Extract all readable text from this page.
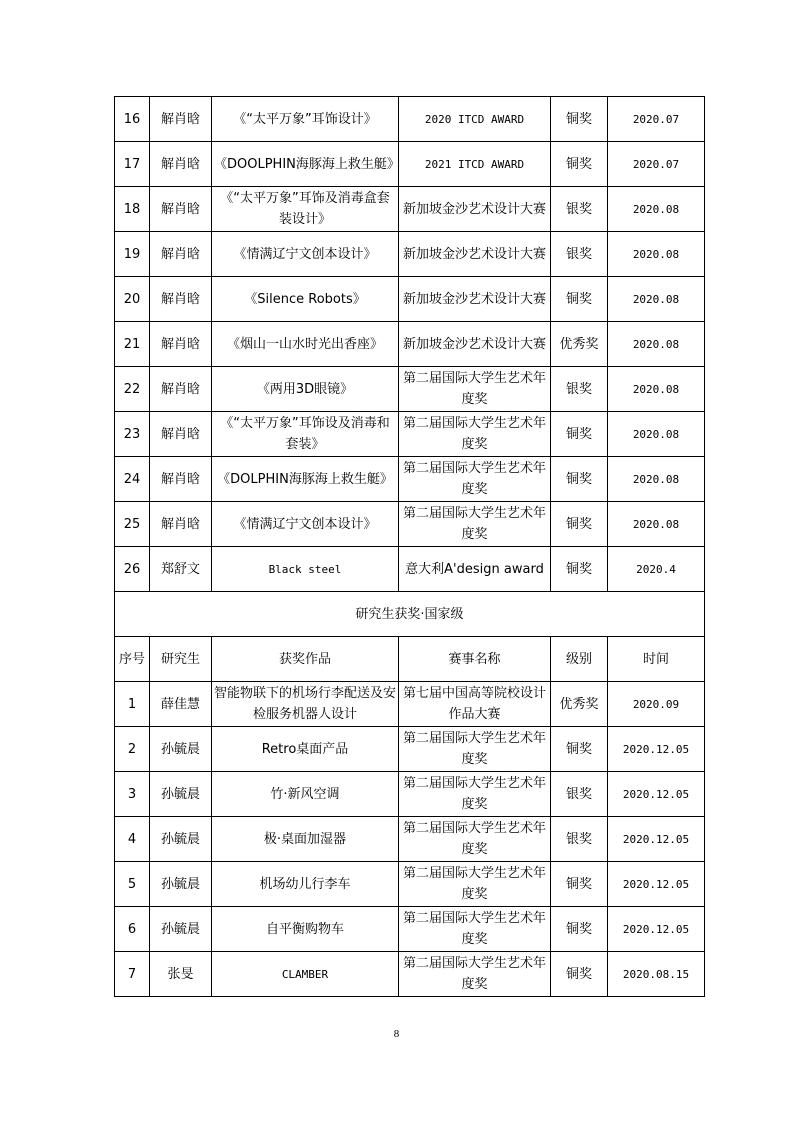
16	解肖晗	《“太平万象”耳饰设计》	2020 ITCD AWARD	铜奖	2020.07
17	解肖晗	《DOOLPHIN海豚海上救生艇》	2021 ITCD AWARD	铜奖	2020.07
18	解肖晗	《“太平万象”耳饰及消毒盒套装设计》	新加坡金沙艺术设计大赛	银奖	2020.08
19	解肖晗	《情满辽宁文创本设计》	新加坡金沙艺术设计大赛	银奖	2020.08
20	解肖晗	《Silence Robots》	新加坡金沙艺术设计大赛	铜奖	2020.08
21	解肖晗	《烟山一山水时光出香座》	新加坡金沙艺术设计大赛	优秀奖	2020.08
22	解肖晗	《两用3D眼镜》	第二届国际大学生艺术年度奖	银奖	2020.08
23	解肖晗	《“太平万象”耳饰设及消毒和套装》	第二届国际大学生艺术年度奖	铜奖	2020.08
24	解肖晗	《DOLPHIN海豚海上救生艇》	第二届国际大学生艺术年度奖	铜奖	2020.08
25	解肖晗	《情满辽宁文创本设计》	第二届国际大学生艺术年度奖	铜奖	2020.08
26	郑舒文	Black steel	意大利A'design award	铜奖	2020.4
研究生获奖·国家级					
序号	研究生	获奖作品	赛事名称	级别	时间
1	薛佳慧	智能物联下的机场行李配送及安检服务机器人设计	第七届中国高等院校设计作品大赛	优秀奖	2020.09
2	孙毓晨	Retro桌面产品	第二届国际大学生艺术年度奖	铜奖	2020.12.05
3	孙毓晨	竹·新风空调	第二届国际大学生艺术年度奖	银奖	2020.12.05
4	孙毓晨	极·桌面加湿器	第二届国际大学生艺术年度奖	银奖	2020.12.05
5	孙毓晨	机场幼儿行李车	第二届国际大学生艺术年度奖	铜奖	2020.12.05
6	孙毓晨	自平衡购物车	第二届国际大学生艺术年度奖	铜奖	2020.12.05
7	张旻	CLAMBER	第二届国际大学生艺术年度奖	铜奖	2020.08.15
8
